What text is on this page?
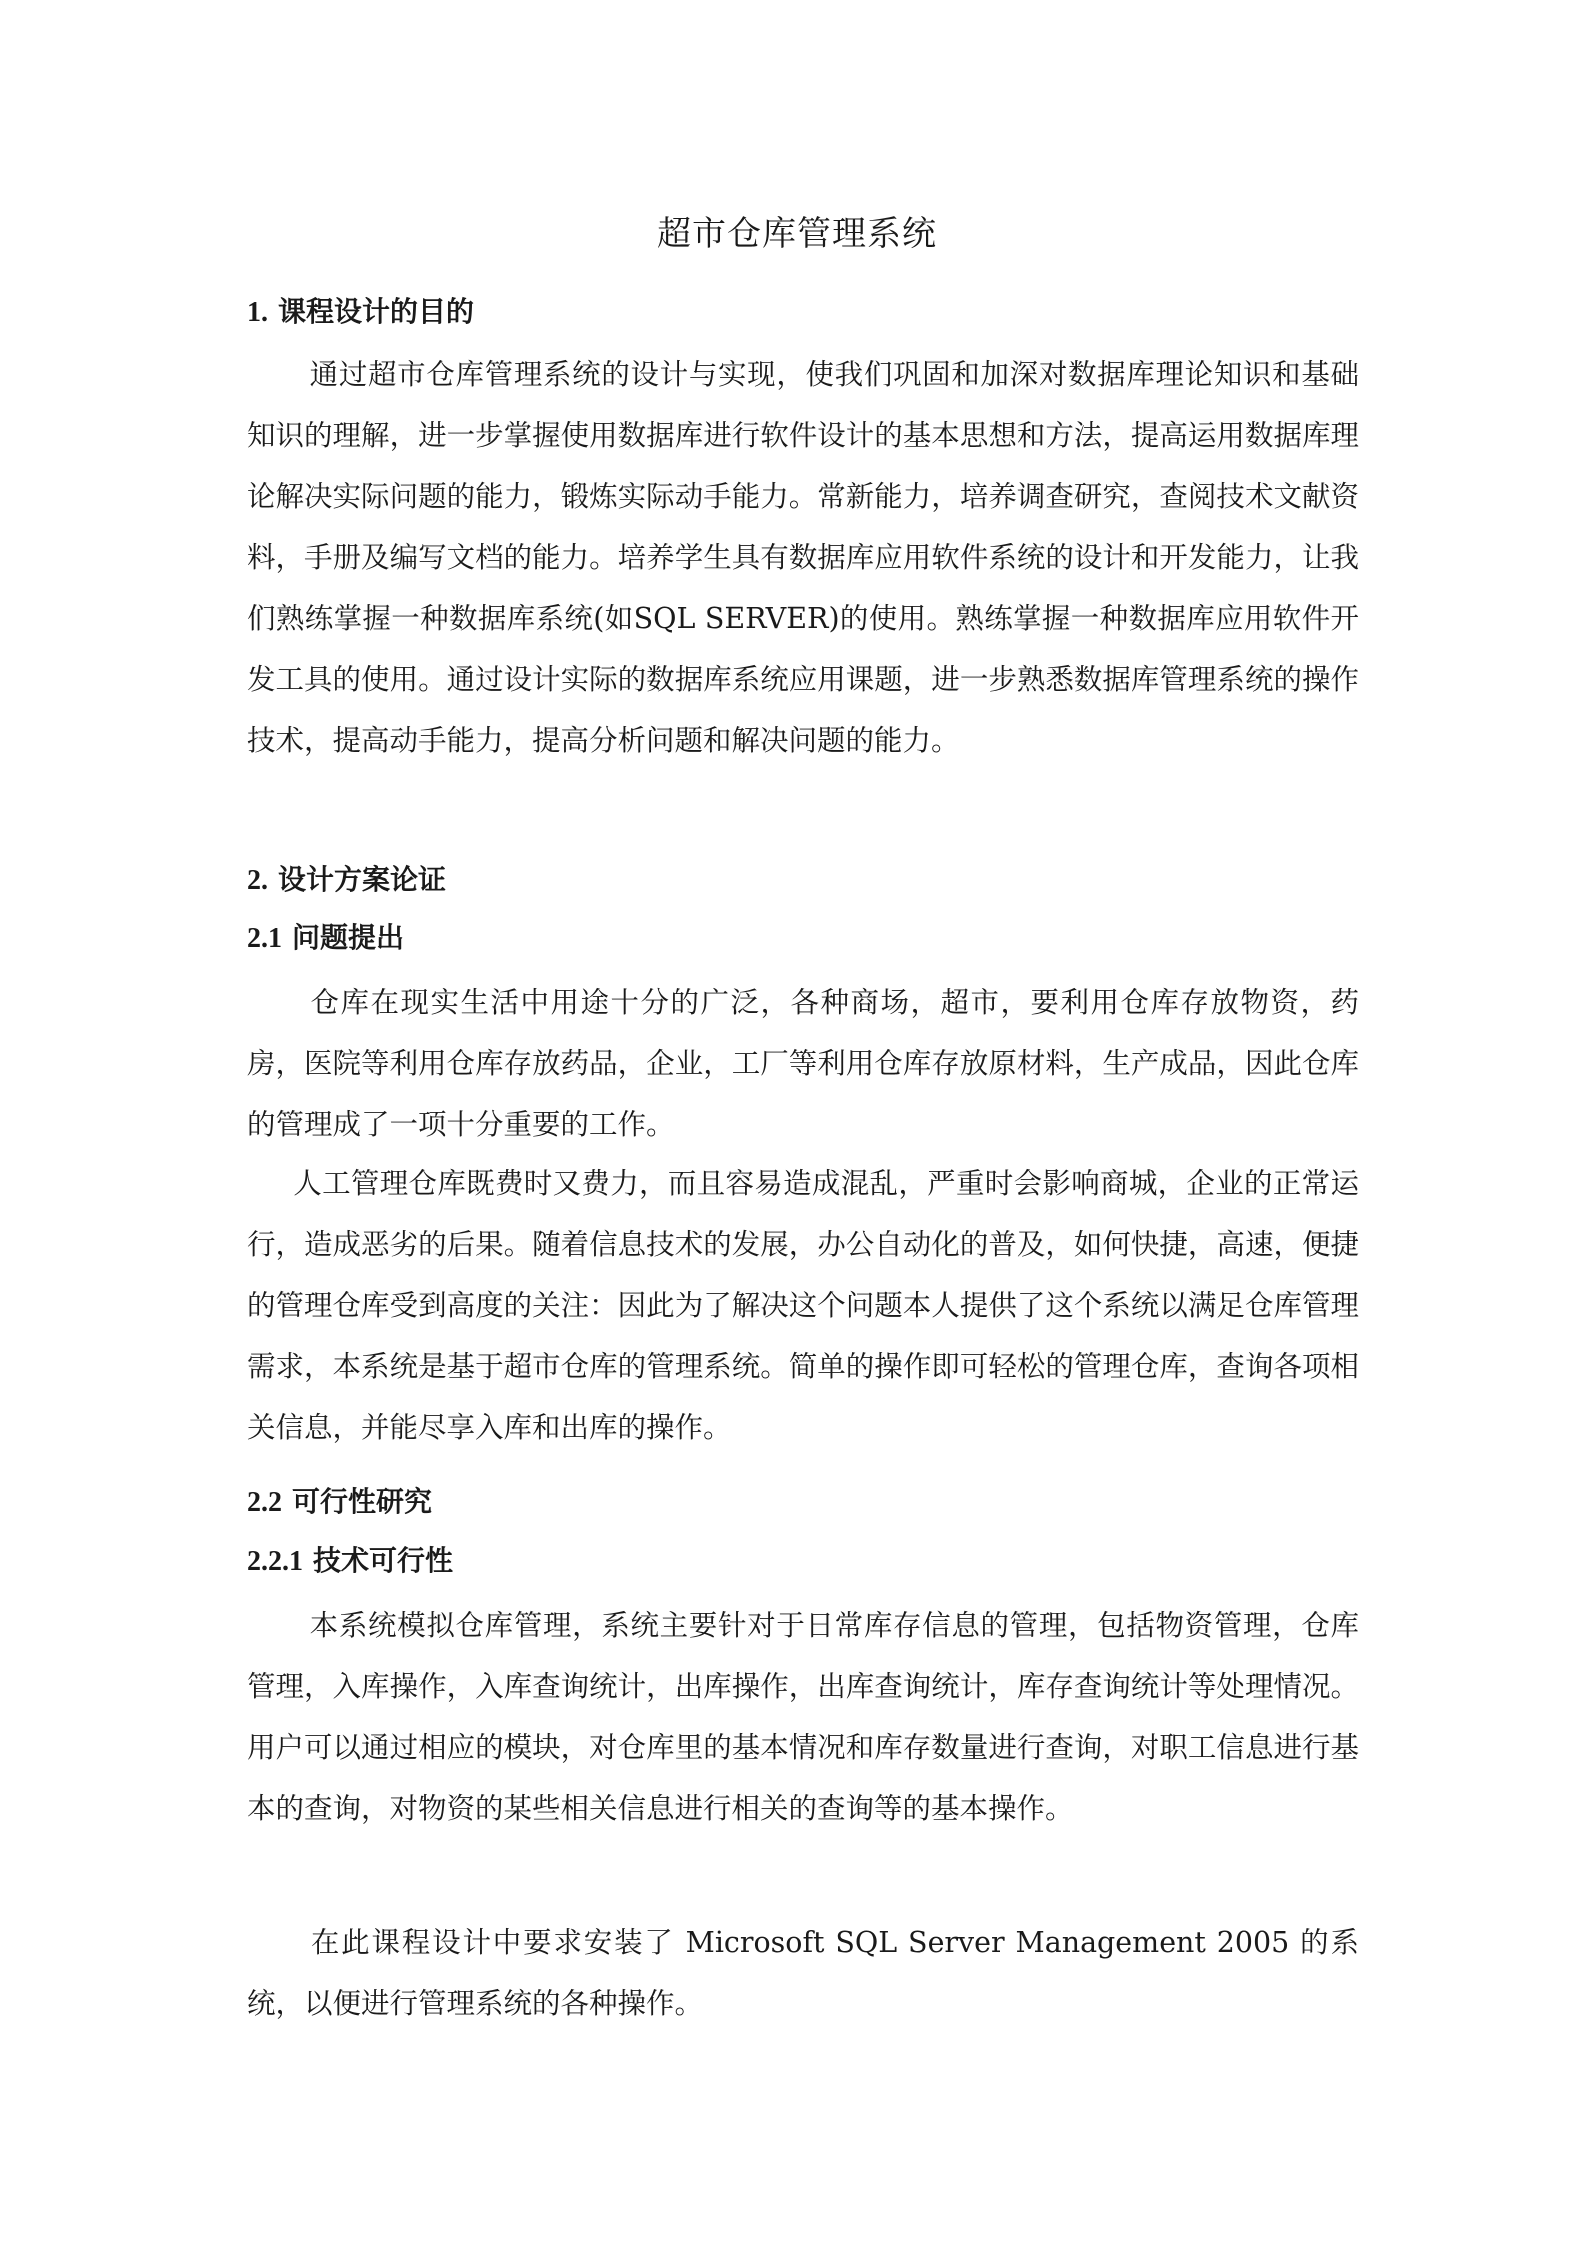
超市仓库管理系统
1. 课程设计的目的
通过超市仓库管理系统的设计与实现，使我们巩固和加深对数据库理论知识和基础知识的理解，进一步掌握使用数据库进行软件设计的基本思想和方法，提高运用数据库理论解决实际问题的能力，锻炼实际动手能力。常新能力，培养调查研究，查阅技术文献资料，手册及编写文档的能力。培养学生具有数据库应用软件系统的设计和开发能力，让我们熟练掌握一种数据库系统(如SQL SERVER)的使用。熟练掌握一种数据库应用软件开发工具的使用。通过设计实际的数据库系统应用课题，进一步熟悉数据库管理系统的操作技术，提高动手能力，提高分析问题和解决问题的能力。
2. 设计方案论证
2.1 问题提出
仓库在现实生活中用途十分的广泛，各种商场，超市，要利用仓库存放物资，药房，医院等利用仓库存放药品，企业，工厂等利用仓库存放原材料，生产成品，因此仓库的管理成了一项十分重要的工作。
人工管理仓库既费时又费力，而且容易造成混乱，严重时会影响商城，企业的正常运行，造成恶劣的后果。随着信息技术的发展，办公自动化的普及，如何快捷，高速，便捷的管理仓库受到高度的关注：因此为了解决这个问题本人提供了这个系统以满足仓库管理需求，本系统是基于超市仓库的管理系统。简单的操作即可轻松的管理仓库，查询各项相关信息，并能尽享入库和出库的操作。
2.2 可行性研究
2.2.1 技术可行性
本系统模拟仓库管理，系统主要针对于日常库存信息的管理，包括物资管理，仓库管理，入库操作，入库查询统计，出库操作，出库查询统计，库存查询统计等处理情况。用户可以通过相应的模块，对仓库里的基本情况和库存数量进行查询，对职工信息进行基本的查询，对物资的某些相关信息进行相关的查询等的基本操作。
在此课程设计中要求安装了 Microsoft SQL Server Management 2005 的系统，以便进行管理系统的各种操作。
